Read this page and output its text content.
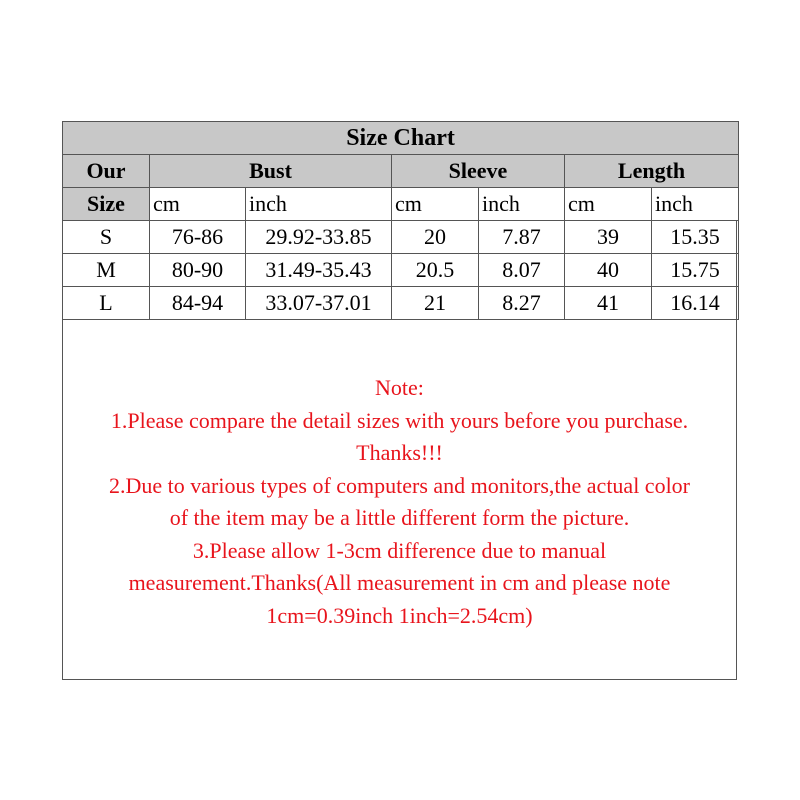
Size Chart						
Our	Bust		Sleeve		Length	
Size	cm	inch	cm	inch	cm	inch
S	76-86	29.92-33.85	20	7.87	39	15.35
M	80-90	31.49-35.43	20.5	8.07	40	15.75
L	84-94	33.07-37.01	21	8.27	41	16.14
Note:
1.Please compare the detail sizes with yours before you purchase.
Thanks!!!
2.Due to various types of computers and monitors,the actual color
of the item may be a little different form the picture.
3.Please allow 1-3cm difference due to manual
measurement.Thanks(All measurement in cm and please note
1cm=0.39inch 1inch=2.54cm)
